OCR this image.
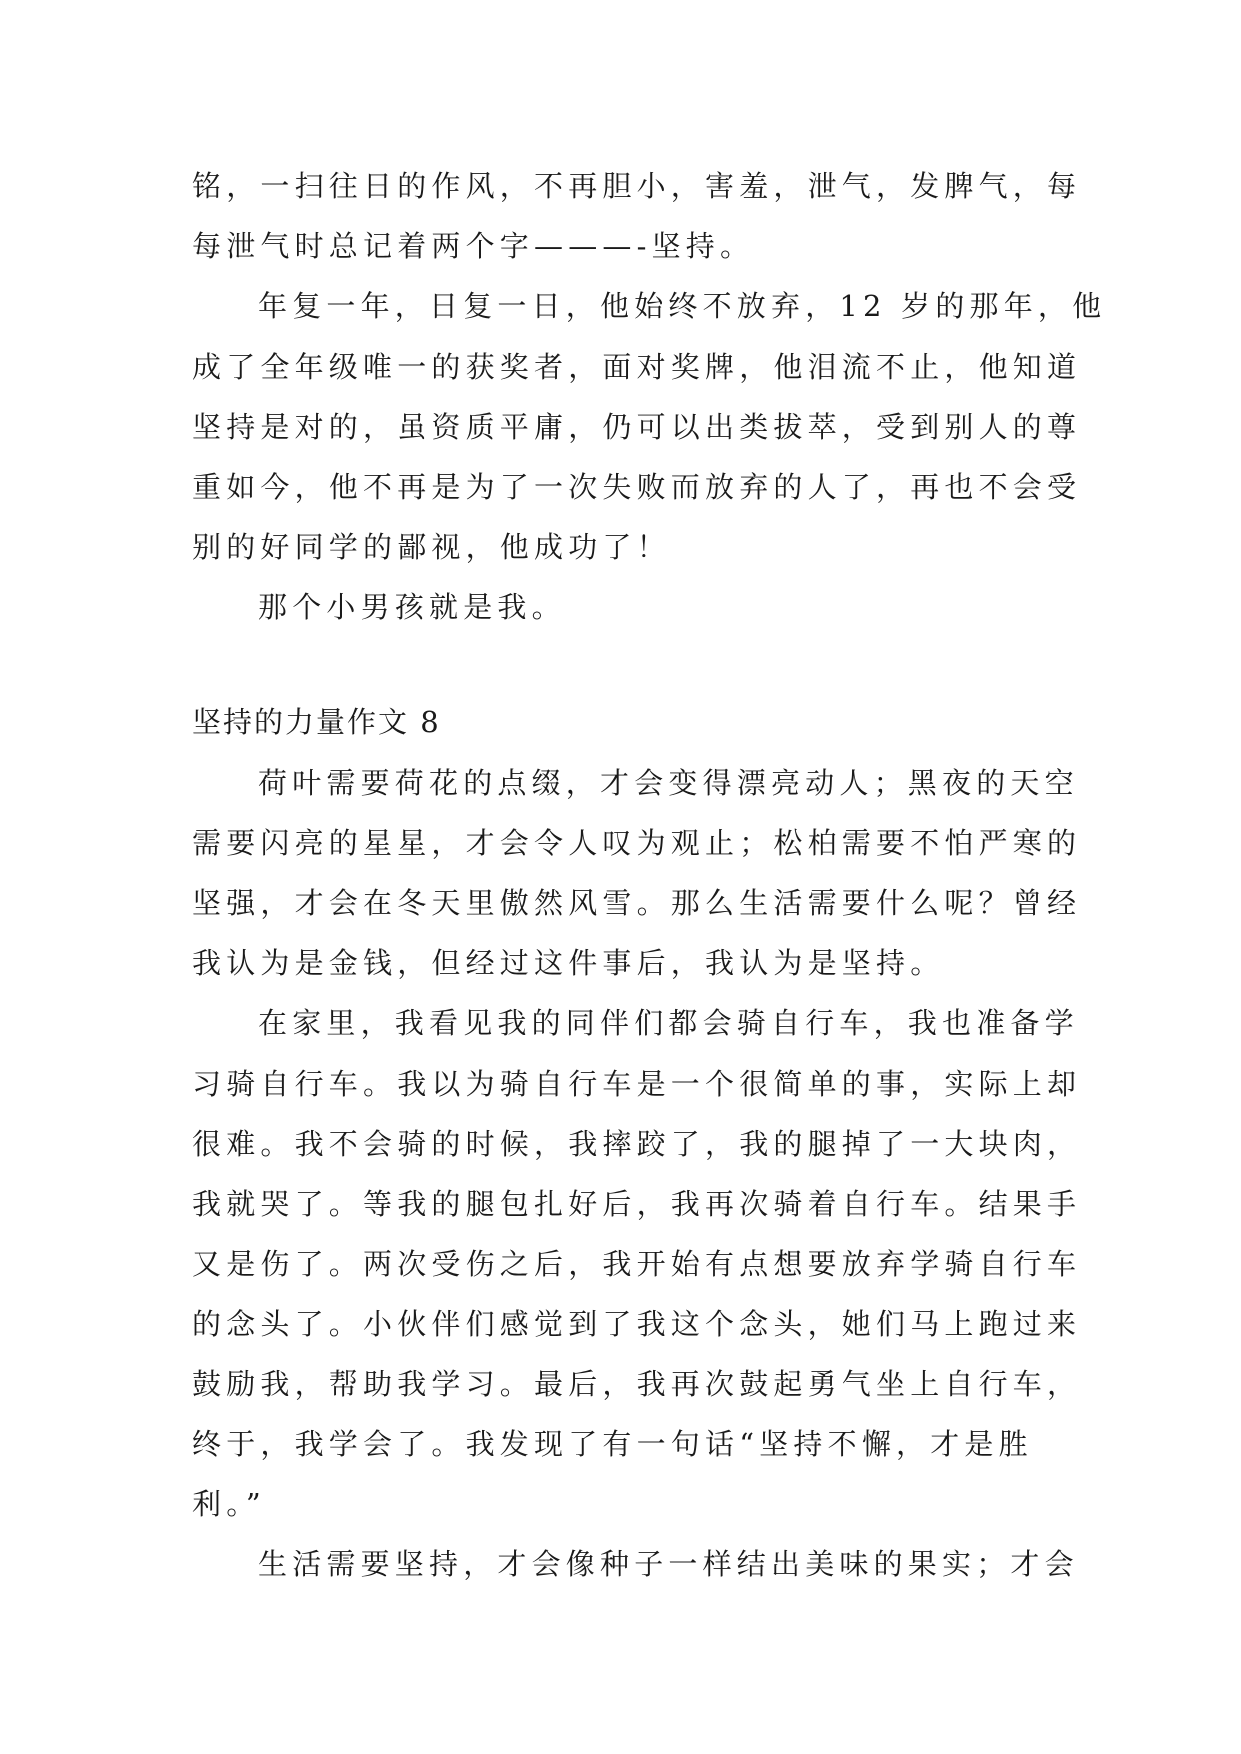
铭，一扫往日的作风，不再胆小，害羞，泄气，发脾气，每
每泄气时总记着两个字———-坚持。
年复一年，日复一日，他始终不放弃，12 岁的那年，他
成了全年级唯一的获奖者，面对奖牌，他泪流不止，他知道
坚持是对的，虽资质平庸，仍可以出类拔萃，受到别人的尊
重如今，他不再是为了一次失败而放弃的人了，再也不会受
别的好同学的鄙视，他成功了！
那个小男孩就是我。
坚持的力量作文 8
荷叶需要荷花的点缀，才会变得漂亮动人；黑夜的天空
需要闪亮的星星，才会令人叹为观止；松柏需要不怕严寒的
坚强，才会在冬天里傲然风雪。那么生活需要什么呢？曾经
我认为是金钱，但经过这件事后，我认为是坚持。
在家里，我看见我的同伴们都会骑自行车，我也准备学
习骑自行车。我以为骑自行车是一个很简单的事，实际上却
很难。我不会骑的时候，我摔跤了，我的腿掉了一大块肉，
我就哭了。等我的腿包扎好后，我再次骑着自行车。结果手
又是伤了。两次受伤之后，我开始有点想要放弃学骑自行车
的念头了。小伙伴们感觉到了我这个念头，她们马上跑过来
鼓励我，帮助我学习。最后，我再次鼓起勇气坐上自行车，
终于，我学会了。我发现了有一句话“坚持不懈，才是胜
利。”
生活需要坚持，才会像种子一样结出美味的果实；才会
